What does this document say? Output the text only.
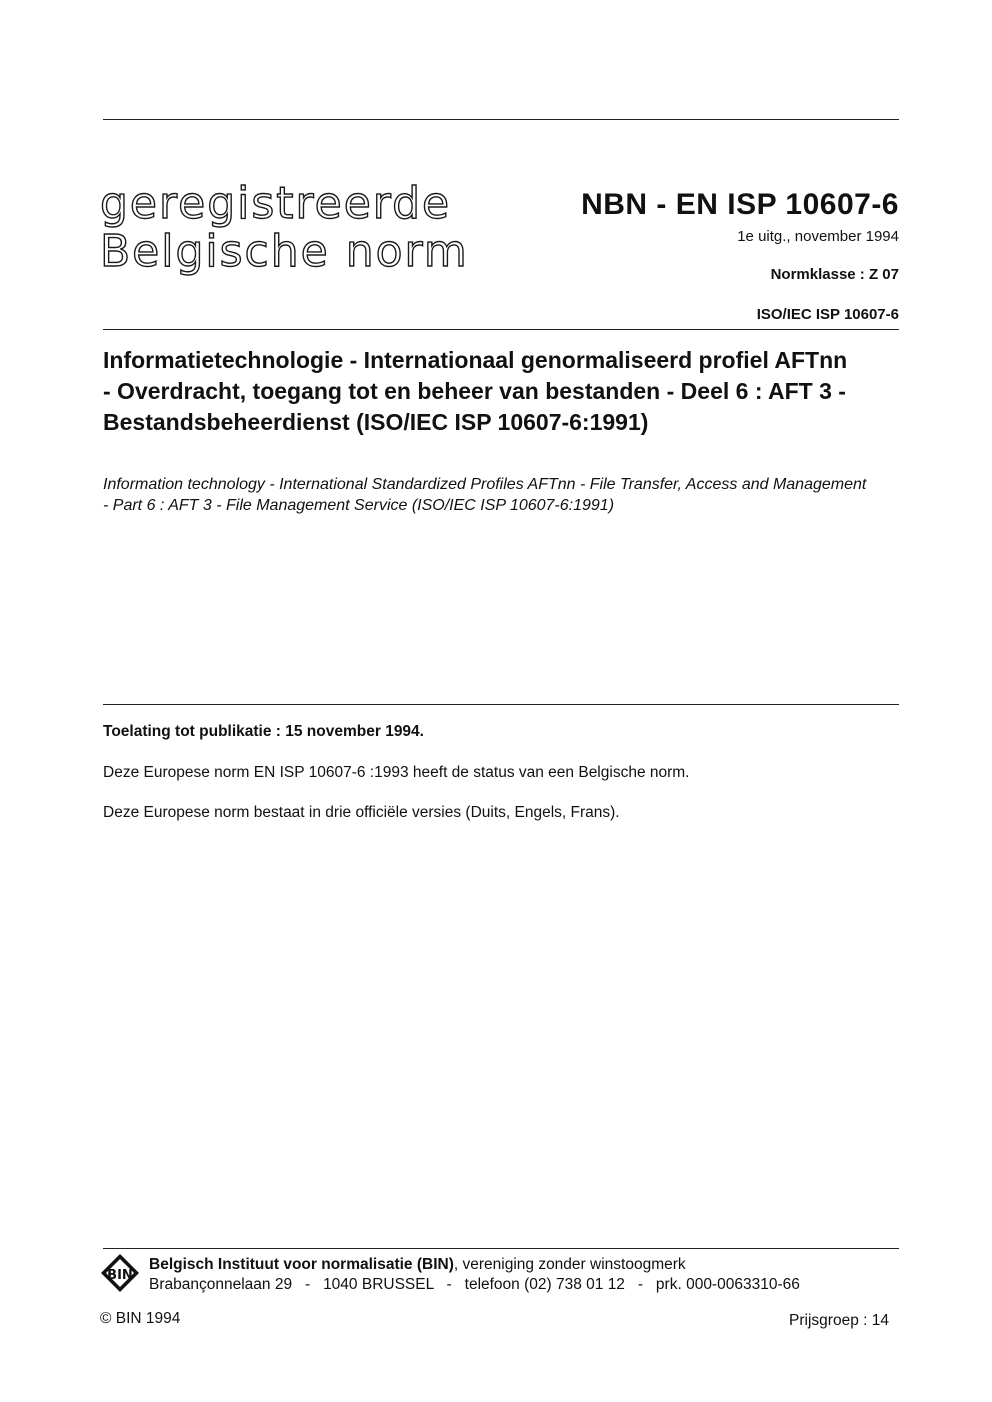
geregistreerde
Belgische norm
NBN - EN ISP 10607-6
1e uitg., november 1994
Normklasse : Z 07
ISO/IEC ISP 10607-6
Informatietechnologie - Internationaal genormaliseerd profiel AFTnn
- Overdracht, toegang tot en beheer van bestanden - Deel 6 : AFT 3 -
Bestandsbeheerdienst (ISO/IEC ISP 10607-6:1991)
Information technology - International Standardized Profiles AFTnn - File Transfer, Access and Management
- Part 6 : AFT 3 - File Management Service (ISO/IEC ISP 10607-6:1991)
Toelating tot publikatie : 15 november 1994.
Deze Europese norm EN ISP 10607-6 :1993 heeft de status van een Belgische norm.
Deze Europese norm bestaat in drie officiële versies (Duits, Engels, Frans).
BIN
Belgisch Instituut voor normalisatie (BIN), vereniging zonder winstoogmerk
Brabançonnelaan 29   -   1040 BRUSSEL   -   telefoon (02) 738 01 12   -   prk. 000-0063310-66
© BIN 1994	Prijsgroep : 14
